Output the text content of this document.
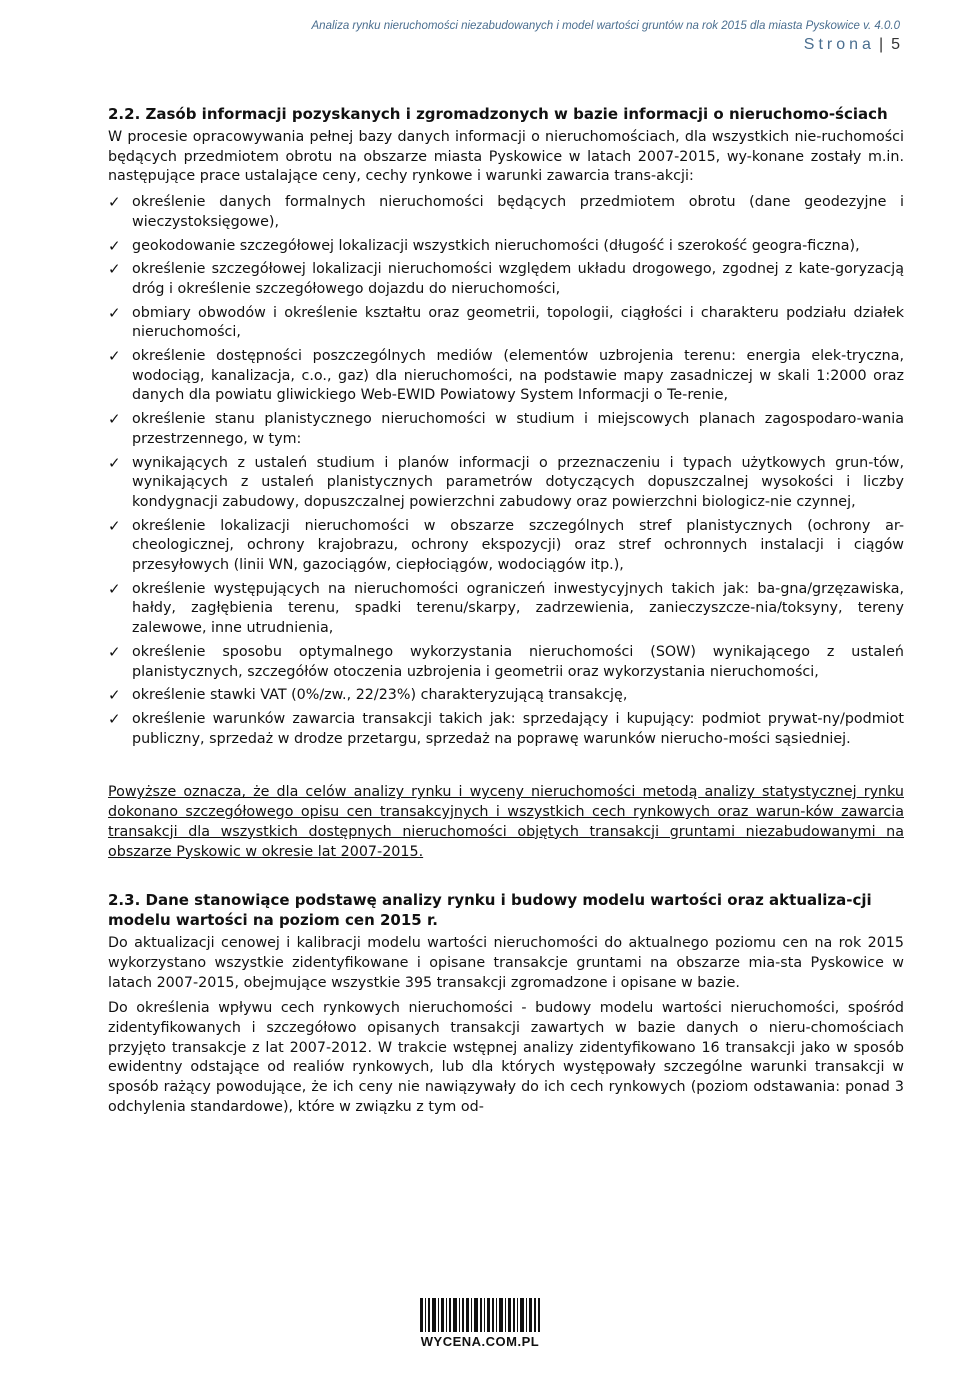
Analiza rynku nieruchomości niezabudowanych i model wartości gruntów na rok 2015 dla miasta Pyskowice v. 4.0.0
Strona | 5
2.2. Zasób informacji pozyskanych i zgromadzonych w bazie informacji o nieruchomo-ściach

W procesie opracowywania pełnej bazy danych informacji o nieruchomościach, dla wszystkich nie-ruchomości będących przedmiotem obrotu na obszarze miasta Pyskowice w latach 2007-2015, wy-konane zostały m.in. następujące prace ustalające ceny, cechy rynkowe i warunki zawarcia trans-akcji:

✓ określenie danych formalnych nieruchomości będących przedmiotem obrotu (dane geodezyjne i wieczystoksięgowe),
✓ geokodowanie szczegółowej lokalizacji wszystkich nieruchomości (długość i szerokość geogra-ficzna),
✓ określenie szczegółowej lokalizacji nieruchomości względem układu drogowego, zgodnej z kate-goryzacją dróg i określenie szczegółowego dojazdu do nieruchomości,
✓ obmiary obwodów i określenie kształtu oraz geometrii, topologii, ciągłości i charakteru podziału działek nieruchomości,
✓ określenie dostępności poszczególnych mediów (elementów uzbrojenia terenu: energia elek-tryczna, wodociąg, kanalizacja, c.o., gaz) dla nieruchomości, na podstawie mapy zasadniczej w skali 1:2000 oraz danych dla powiatu gliwickiego Web-EWID Powiatowy System Informacji o Te-renie,
✓ określenie stanu planistycznego nieruchomości w studium i miejscowych planach zagospodaro-wania przestrzennego, w tym:
✓ wynikających z ustaleń studium i planów informacji o przeznaczeniu i typach użytkowych grun-tów, wynikających z ustaleń planistycznych parametrów dotyczących dopuszczalnej wysokości i liczby kondygnacji zabudowy, dopuszczalnej powierzchni zabudowy oraz powierzchni biologicz-nie czynnej,
✓ określenie lokalizacji nieruchomości w obszarze szczególnych stref planistycznych (ochrony ar-cheologicznej, ochrony krajobrazu, ochrony ekspozycji) oraz stref ochronnych instalacji i ciągów przesyłowych (linii WN, gazociągów, ciepłociągów, wodociągów itp.),
✓ określenie występujących na nieruchomości ograniczeń inwestycyjnych takich jak: ba-gna/grzęzawiska, hałdy, zagłębienia terenu, spadki terenu/skarpy, zadrzewienia, zanieczyszcze-nia/toksyny, tereny zalewowe, inne utrudnienia,
✓ określenie sposobu optymalnego wykorzystania nieruchomości (SOW) wynikającego z ustaleń planistycznych, szczegółów otoczenia uzbrojenia i geometrii oraz wykorzystania nieruchomości,
✓ określenie stawki VAT (0%/zw., 22/23%) charakteryzującą transakcję,
✓ określenie warunków zawarcia transakcji takich jak: sprzedający i kupujący: podmiot prywat-ny/podmiot publiczny, sprzedaż w drodze przetargu, sprzedaż na poprawę warunków nierucho-mości sąsiedniej.

Powyższe oznacza, że dla celów analizy rynku i wyceny nieruchomości metodą analizy statystycznej rynku dokonano szczegółowego opisu cen transakcyjnych i wszystkich cech rynkowych oraz warun-ków zawarcia transakcji dla wszystkich dostępnych nieruchomości objętych transakcji gruntami niezabudowanymi na obszarze Pyskowic w okresie lat 2007-2015.

2.3. Dane stanowiące podstawę analizy rynku i budowy modelu wartości oraz aktualiza-cji modelu wartości na poziom cen 2015 r.

Do aktualizacji cenowej i kalibracji modelu wartości nieruchomości do aktualnego poziomu cen na rok 2015 wykorzystano wszystkie zidentyfikowane i opisane transakcje gruntami na obszarze mia-sta Pyskowice w latach 2007-2015, obejmujące wszystkie 395 transakcji zgromadzone i opisane w bazie.

Do określenia wpływu cech rynkowych nieruchomości - budowy modelu wartości nieruchomości, spośród zidentyfikowanych i szczegółowo opisanych transakcji zawartych w bazie danych o nieru-chomościach przyjęto transakcje z lat 2007-2012. W trakcie wstępnej analizy zidentyfikowano 16 transakcji jako w sposób ewidentny odstające od realiów rynkowych, lub dla których występowały szczególne warunki transakcji w sposób rażący powodujące, że ich ceny nie nawiązywały do ich cech rynkowych (poziom odstawania: ponad 3 odchylenia standardowe), które w związku z tym od-

WYCENA.COM.PL
